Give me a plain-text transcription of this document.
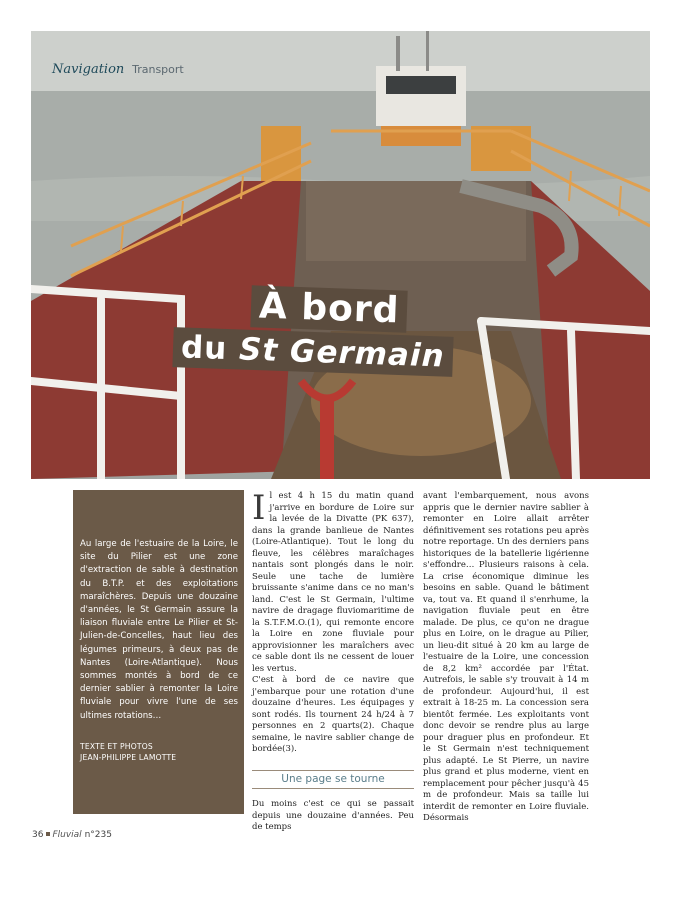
Navigation Transport
À bord
du St Germain

Au large de l'estuaire de la Loire, le site du Pilier est une zone d'extraction de sable à destination du B.T.P. et des exploitations maraîchères. Depuis une douzaine d'années, le St Germain assure la liaison fluviale entre Le Pilier et St-Julien-de-Concelles, haut lieu des légumes primeurs, à deux pas de Nantes (Loire-Atlantique). Nous sommes montés à bord de ce dernier sablier à remonter la Loire fluviale pour vivre l'une de ses ultimes rotations…

TEXTE ET PHOTOS
JEAN-PHILIPPE LAMOTTE

Il est 4 h 15 du matin quand j'arrive en bordure de Loire sur la levée de la Divatte (PK 637), dans la grande banlieue de Nantes (Loire-Atlantique). Tout le long du fleuve, les célèbres maraîchages nantais sont plongés dans le noir. Seule une tache de lumière bruissante s'anime dans ce no man's land. C'est le St Germain, l'ultime navire de dragage fluviomaritime de la S.T.F.M.O.(1), qui remonte encore la Loire en zone fluviale pour approvisionner les maraîchers avec ce sable dont ils ne cessent de louer les vertus.

C'est à bord de ce navire que j'embarque pour une rotation d'une douzaine d'heures. Les équipages y sont rodés. Ils tournent 24 h/24 à 7 personnes en 2 quarts(2). Chaque semaine, le navire sablier change de bordée(3).

Une page se tourne

Du moins c'est ce qui se passait depuis une douzaine d'années. Peu de temps

avant l'embarquement, nous avons appris que le dernier navire sablier à remonter en Loire allait arrêter définitivement ses rotations peu après notre reportage. Un des derniers pans historiques de la batellerie ligérienne s'effondre… Plusieurs raisons à cela. La crise économique diminue les besoins en sable. Quand le bâtiment va, tout va. Et quand il s'enrhume, la navigation fluviale peut en être malade. De plus, ce qu'on ne drague plus en Loire, on le drague au Pilier, un lieu-dit situé à 20 km au large de l'estuaire de la Loire, une concession de 8,2 km² accordée par l'État. Autrefois, le sable s'y trouvait à 14 m de profondeur. Aujourd'hui, il est extrait à 18-25 m. La concession sera bientôt fermée. Les exploitants vont donc devoir se rendre plus au large pour draguer plus en profondeur. Et le St Germain n'est techniquement plus adapté. Le St Pierre, un navire plus grand et plus moderne, vient en remplacement pour pêcher jusqu'à 45 m de profondeur. Mais sa taille lui interdit de remonter en Loire fluviale. Désormais

36 Fluvial n°235
